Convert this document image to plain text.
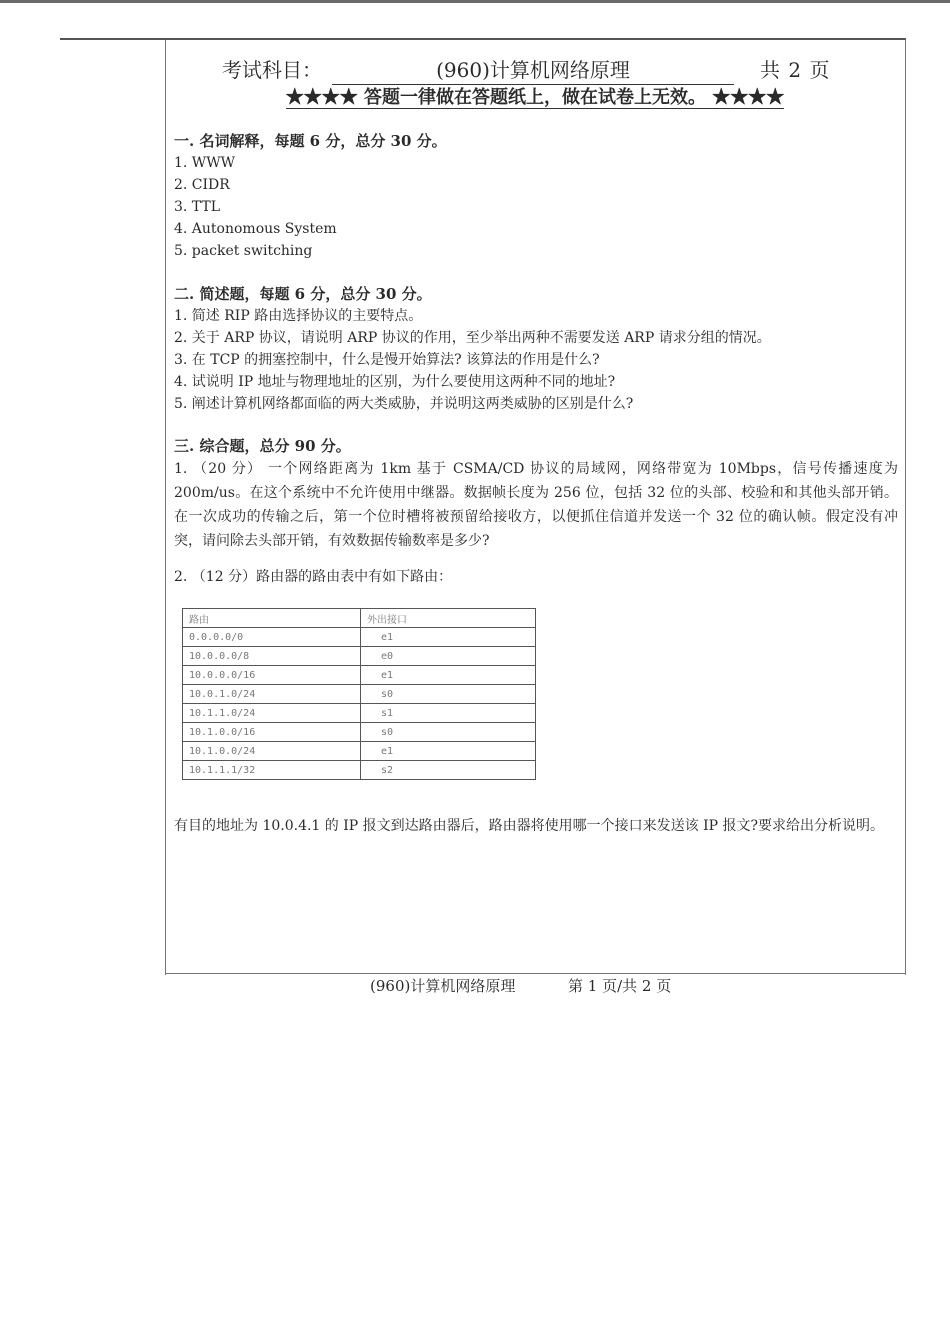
考试科目：	(960)计算机网络原理	共 2 页
★★★★ 答题一律做在答题纸上，做在试卷上无效。 ★★★★
一. 名词解释，每题 6 分，总分 30 分。
1. WWW
2. CIDR
3. TTL
4. Autonomous System
5. packet switching
二. 简述题，每题 6 分，总分 30 分。
1. 简述 RIP 路由选择协议的主要特点。
2. 关于 ARP 协议，请说明 ARP 协议的作用，至少举出两种不需要发送 ARP 请求分组的情况。
3. 在 TCP 的拥塞控制中，什么是慢开始算法? 该算法的作用是什么?
4. 试说明 IP 地址与物理地址的区别，为什么要使用这两种不同的地址?
5. 阐述计算机网络都面临的两大类威胁，并说明这两类威胁的区别是什么?
三. 综合题，总分 90 分。
1. （20 分） 一个网络距离为 1km 基于 CSMA/CD 协议的局域网，网络带宽为 10Mbps，信号传播速度为 200m/us。在这个系统中不允许使用中继器。数据帧长度为 256 位，包括 32 位的头部、校验和和其他头部开销。在一次成功的传输之后，第一个位时槽将被预留给接收方，以便抓住信道并发送一个 32 位的确认帧。假定没有冲突，请问除去头部开销，有效数据传输数率是多少?
2. （12 分）路由器的路由表中有如下路由：
路由	外出接口
0.0.0.0/0	e1
10.0.0.0/8	e0
10.0.0.0/16	e1
10.0.1.0/24	s0
10.1.1.0/24	s1
10.1.0.0/16	s0
10.1.0.0/24	e1
10.1.1.1/32	s2
有目的地址为 10.0.4.1 的 IP 报文到达路由器后，路由器将使用哪一个接口来发送该 IP 报文?要求给出分析说明。
(960)计算机网络原理	第 1 页/共 2 页
